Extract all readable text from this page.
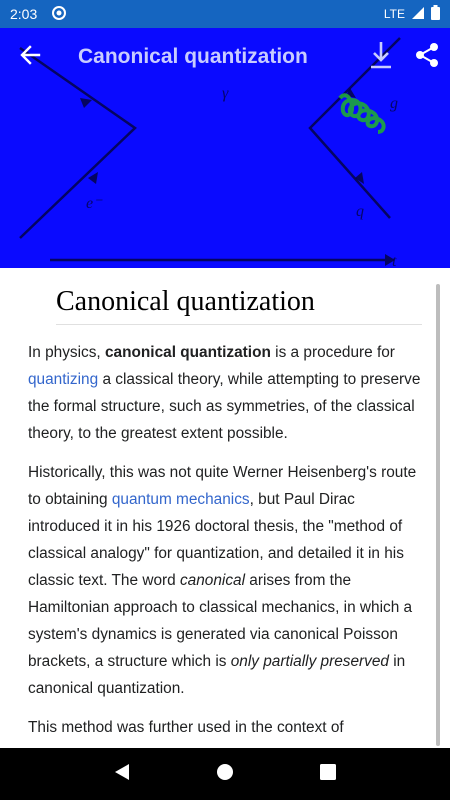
2:03	LTE
γ
g
e⁻	q
t
Canonical quantization
Canonical quantization

In physics, canonical quantization is a procedure for quantizing a classical theory, while attempting to preserve the formal structure, such as symmetries, of the classical theory, to the greatest extent possible.

Historically, this was not quite Werner Heisenberg's route to obtaining quantum mechanics, but Paul Dirac introduced it in his 1926 doctoral thesis, the "method of classical analogy" for quantization, and detailed it in his classic text. The word canonical arises from the Hamiltonian approach to classical mechanics, in which a system's dynamics is generated via canonical Poisson brackets, a structure which is only partially preserved in canonical quantization.

This method was further used in the context of
